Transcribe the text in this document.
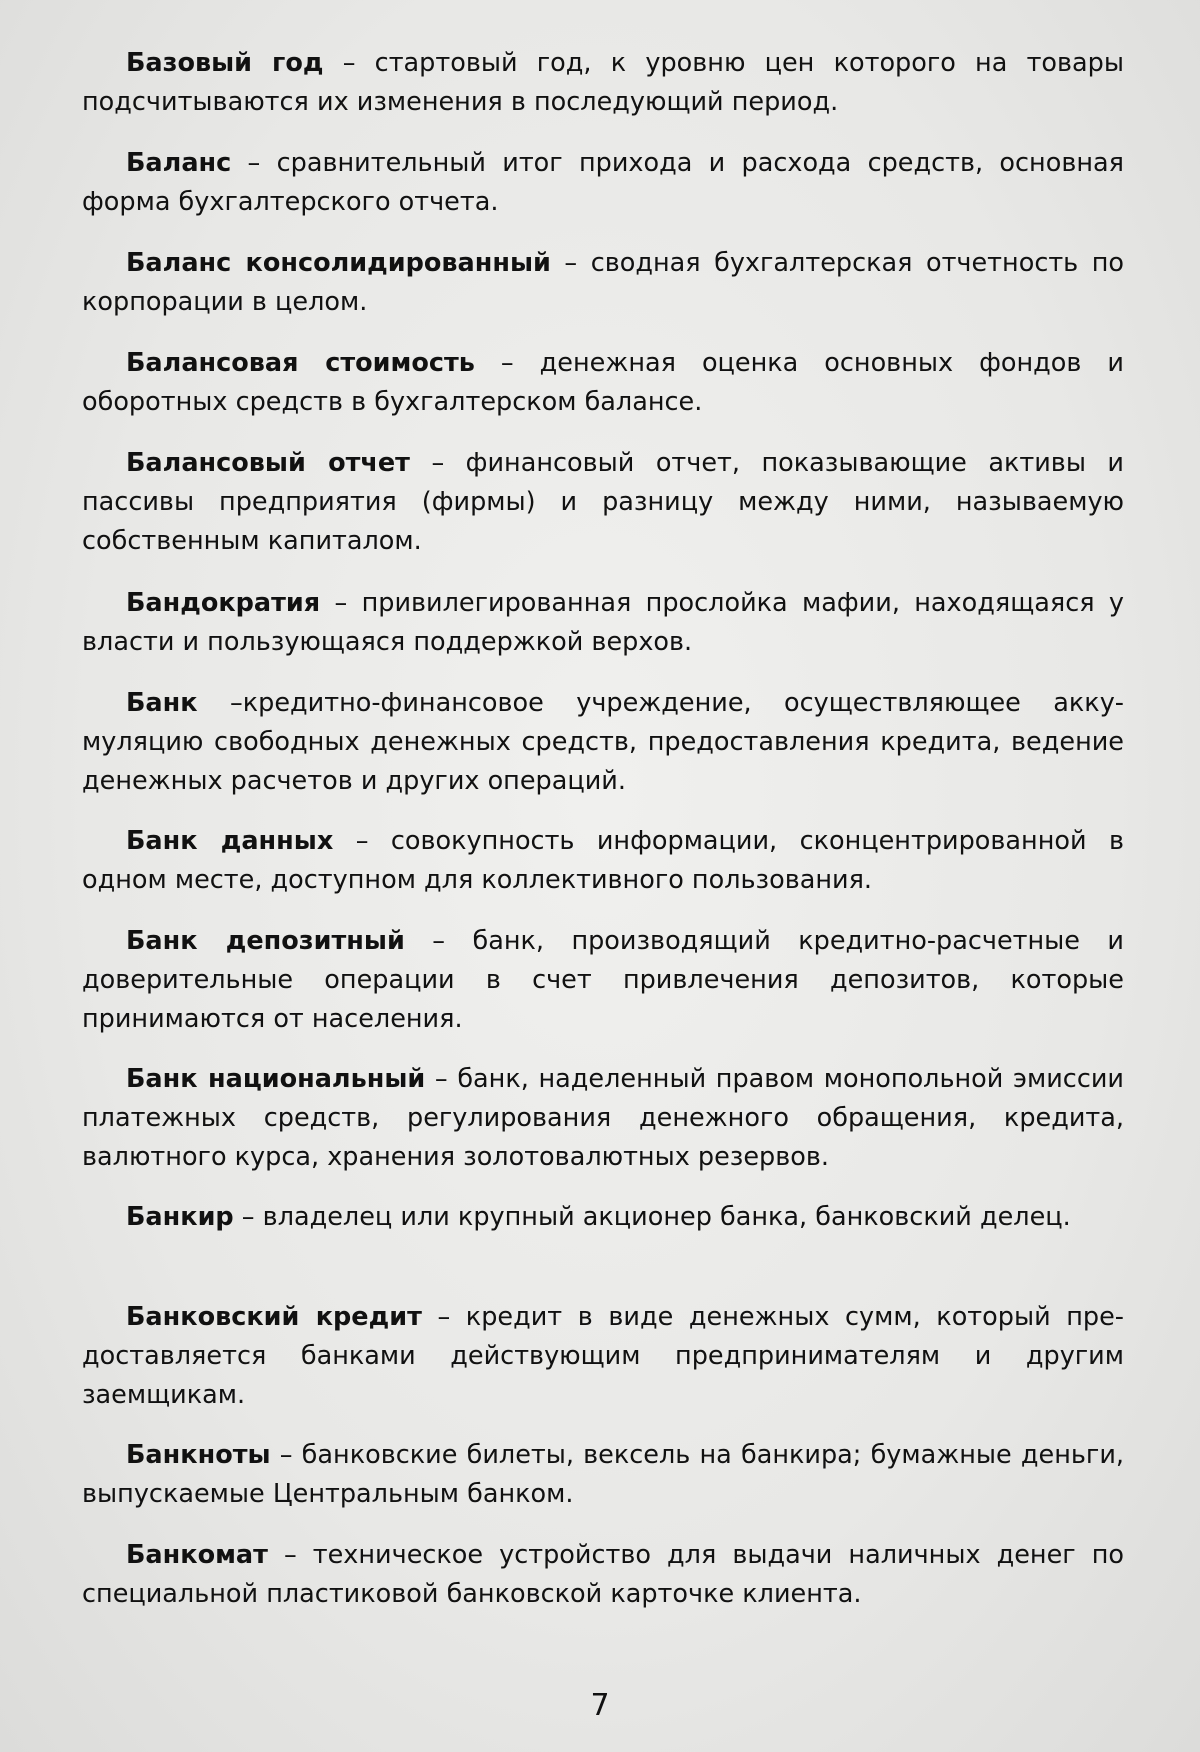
Базовый год – стартовый год, к уровню цен которого на товары подсчитываются их изменения в последующий период.

Баланс – сравнительный итог прихода и расхода средств, основная форма бухгалтерского отчета.

Баланс консолидированный – сводная бухгалтерская отчетность по корпорации в целом.

Балансовая стоимость – денежная оценка основных фондов и оборотных средств в бухгалтерском балансе.

Балансовый отчет – финансовый отчет, показывающие активы и пассивы предприятия (фирмы) и разницу между ними, называемую собственным капиталом.

Бандократия – привилегированная прослойка мафии, находящаяся у власти и пользующаяся поддержкой верхов.

Банк –кредитно-финансовое учреждение, осуществляющее аккумуляцию свободных денежных средств, предоставления кредита, ведение денежных расчетов и других операций.

Банк данных – совокупность информации, сконцентрированной в одном месте, доступном для коллективного пользования.

Банк депозитный – банк, производящий кредитно-расчетные и доверительные операции в счет привлечения депозитов, которые принимаются от населения.

Банк национальный – банк, наделенный правом монопольной эмиссии платежных средств, регулирования денежного обращения, кредита, валютного курса, хранения золотовалютных резервов.

Банкир – владелец или крупный акционер банка, банковский делец.

Банковский кредит – кредит в виде денежных сумм, который предоставляется банками действующим предпринимателям и другим заемщикам.

Банкноты – банковские билеты, вексель на банкира; бумажные деньги, выпускаемые Центральным банком.

Банкомат – техническое устройство для выдачи наличных денег по специальной пластиковой банковской карточке клиента.

7
